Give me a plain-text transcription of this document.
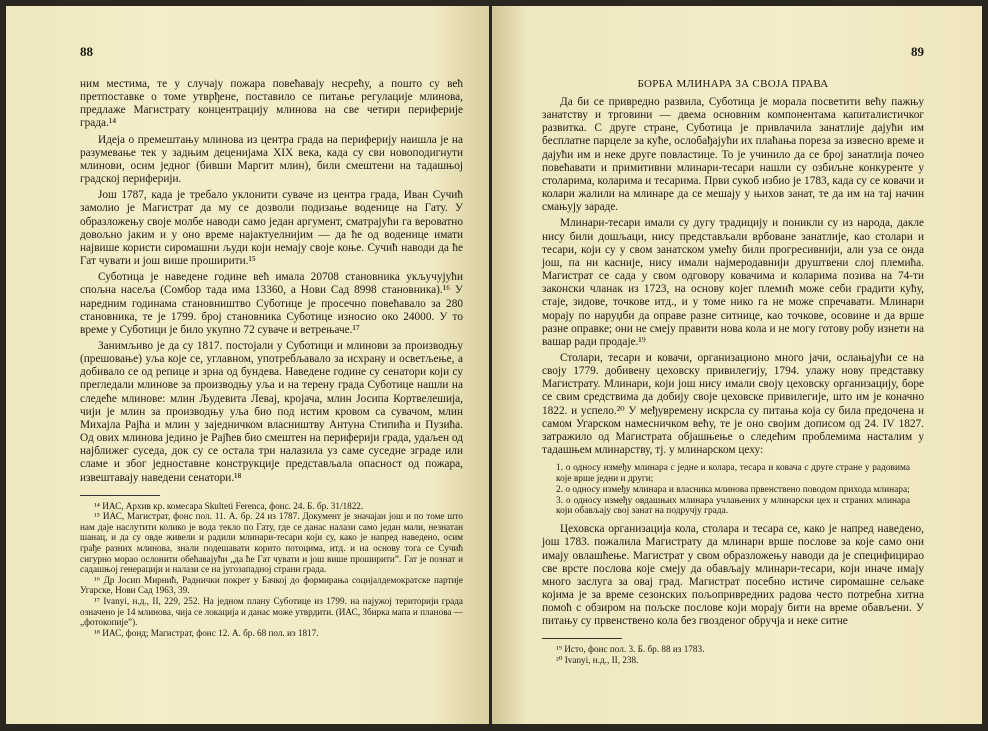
88

ним местима, те у случају пожара повећавају несрећу, а пошто су већ претпоставке о томе утврђене, поставило се питање регулације млинова, предлаже Магистрату концентрацију млинова на све четири периферије града.¹⁴

Идеја о премештању млинова из центра града на периферију наишла је на разумевање тек у задњим деценијама XIX века, када су сви новоподигнути млинови, осим једног (бивши Маргит млин), били смештени на тадашњој градској периферији.

Још 1787, када је требало уклонити сувачe из центра града, Иван Сучић замолио је Магистрат да му се дозволи подизање воденице на Гату. У образложењу своје молбе наводи само један аргумент, сматрајући га вероватно довољно јаким и у оно време најактуелнијим — да ће од воденице имати највише користи сиромашни људи који немају своје коње. Сучић наводи да ће Гат чувати и још више проширити.¹⁵

Суботица је наведене године већ имала 20708 становника укључујући спољна насеља (Сомбор тада има 13360, а Нови Сад 8998 становника).¹⁶ У наредним годинама становништво Суботице је просечно повећавало за 280 становника, те је 1799. број становника Суботице износио око 24000. У то време у Суботици је било укупно 72 сувачe и ветрењаче.¹⁷

Занимљиво је да су 1817. постојали у Суботици и млинови за производњу (прешовање) уља које се, углавном, употребљавало за исхрану и осветљење, а добивало се од репице и зрна од бундева. Наведене године су сенатори који су прегледали млинове за производњу уља и на терену града Суботице нашли на следеће млинове: млин Људевита Левај, кројача, млин Јосипа Кортвелешија, чији је млин за производњу уља био под истим кровом са сувачом, млин Михајла Рајћа и млин у заједничком власништву Антуна Стипића и Пузића. Од ових млинова једино је Рајћев био смештен на периферији града, удаљен од најближег суседа, док су се остала три налазила уз саме суседне зграде или сламе и због једноставне конструкције представљала опасност од пожара, извештавају наведени сенатори.¹⁸

¹⁴ ИАС, Архив кр. комесара Skulteti Ferenca, фонс. 24. Б. бр. 31/1822.

¹⁵ ИАС, Магистрат, фонс пол. 11. А. бр. 24 из 1787. Документ је значајан још и по томе што нам даје наслутити колико је вода текло по Гату, где се данас налази само један мали, незнатан шанац, и да су овде живели и радили млинари-тесари који су, како је напред наведено, осим грађе разних млинова, знали подешавати корито потоцима, итд. и на основу тога се Сучић сигурно морао ослонити обећавајући „да ће Гат чувати и још више проширити”. Гат је познат и садашњој генерацији и налази се на југозападној страни града.

¹⁶ Др Јосип Мирнић, Раднички покрет у Бачкој до формирања социјалдемократске партије Угарске, Нови Сад 1963, 39.

¹⁷ Ivanyi, н.д., II, 229, 252. На једном плану Суботице из 1799. на најужој територији града означено је 14 млинова, чија се локација и данас може утврдити. (ИАС, Збирка мапа и планова — „фотокопије”).

¹⁸ ИАС, фонд; Магистрат, фонс 12. А. бр. 68 пол. из 1817.

89
БОРБА МЛИНАРА ЗА СВОЈА ПРАВА

Да би се привредно развила, Суботица је морала посветити већу пажњу занатству и трговини — двема основним компонентама капиталистичког развитка. С друге стране, Суботица је привлачила занатлије дајући им бесплатне парцеле за куће, ослобађајући их плаћања пореза за извесно време и дајући им и неке друге повластице. То је учинило да се број занатлија почео повећавати и примитивни млинари-тесари нашли су озбиљне конкуренте у столарима, коларима и тесарима. Први сукоб избио је 1783, када су се ковачи и колари жалили на млинаре да се мешају у њихов занат, те да им на тај начин смањују зараде.

Млинари-тесари имали су дугу традицију и поникли су из народа, дакле нису били дошљаци, нису представљали врбоване занатлије, као столари и тесари, који су у свом занатском умећу били прогресивнији, али уза се онда још, па ни касније, нису имали најмеродавнији друштвени слој племића. Магистрат се сада у свом одговору ковачима и коларима позива на 74-ти законски чланак из 1723, на основу којег племић може себи градити кућу, стаје, зидове, точкове итд., и у томе нико га не може спречавати. Млинари морају по наруџби да оправе разне ситнице, као точкове, осовине и да врше разне оправке; они не смеју правити нова кола и не могу готову робу изнети на вашар ради продаје.¹⁹

Столари, тесари и ковачи, организационо много јачи, ослањајући се на своју 1779. добивену цеховску привилегију, 1794. улажу нову представку Магистрату. Млинари, који још нису имали своју цеховску организацију, боре се свим средствима да добију своје цеховске привилегије, што им је коначно 1822. и успело.²⁰ У међувремену искрсла су питања која су била предочена и самом Угарском намесничком већу, те је оно својим дописом од 24. IV 1827. затражило од Магистрата објашњење о следећим проблемима насталим у тадашњем млинарству, тј. у млинарском цеху:

1. о односу између млинара с једне и колара, тесара и ковача с друге стране у радовима које врше једни и други;

2. о односу између млинара и власника млинова првенствено поводом прихода млинара;

3. о односу између овдашњих млинара учлањених у млинарски цех и страних млинара који обављају свој занат на подручју града.

Цеховска организација кола, столара и тесара се, како је напред наведено, још 1783. пожалила Магистрату да млинари врше послове за које само они имају овлашћење. Магистрат у свом образложењу наводи да је специфицирао све врсте послова које смеју да обављају млинари-тесари, који иначе имају много заслуга за овај град. Магистрат посебно истиче сиромашне сељаке којима је за време сезонских пољопривредних радова често потребна хитна помоћ с обзиром на пољске послове који морају бити на време обављени. У питању су првенствено кола без гвозденог обручја и неке ситне

¹⁹ Исто, фонс пол. 3. Б. бр. 88 из 1783.

²⁰ Ivanyi, н.д., II, 238.
